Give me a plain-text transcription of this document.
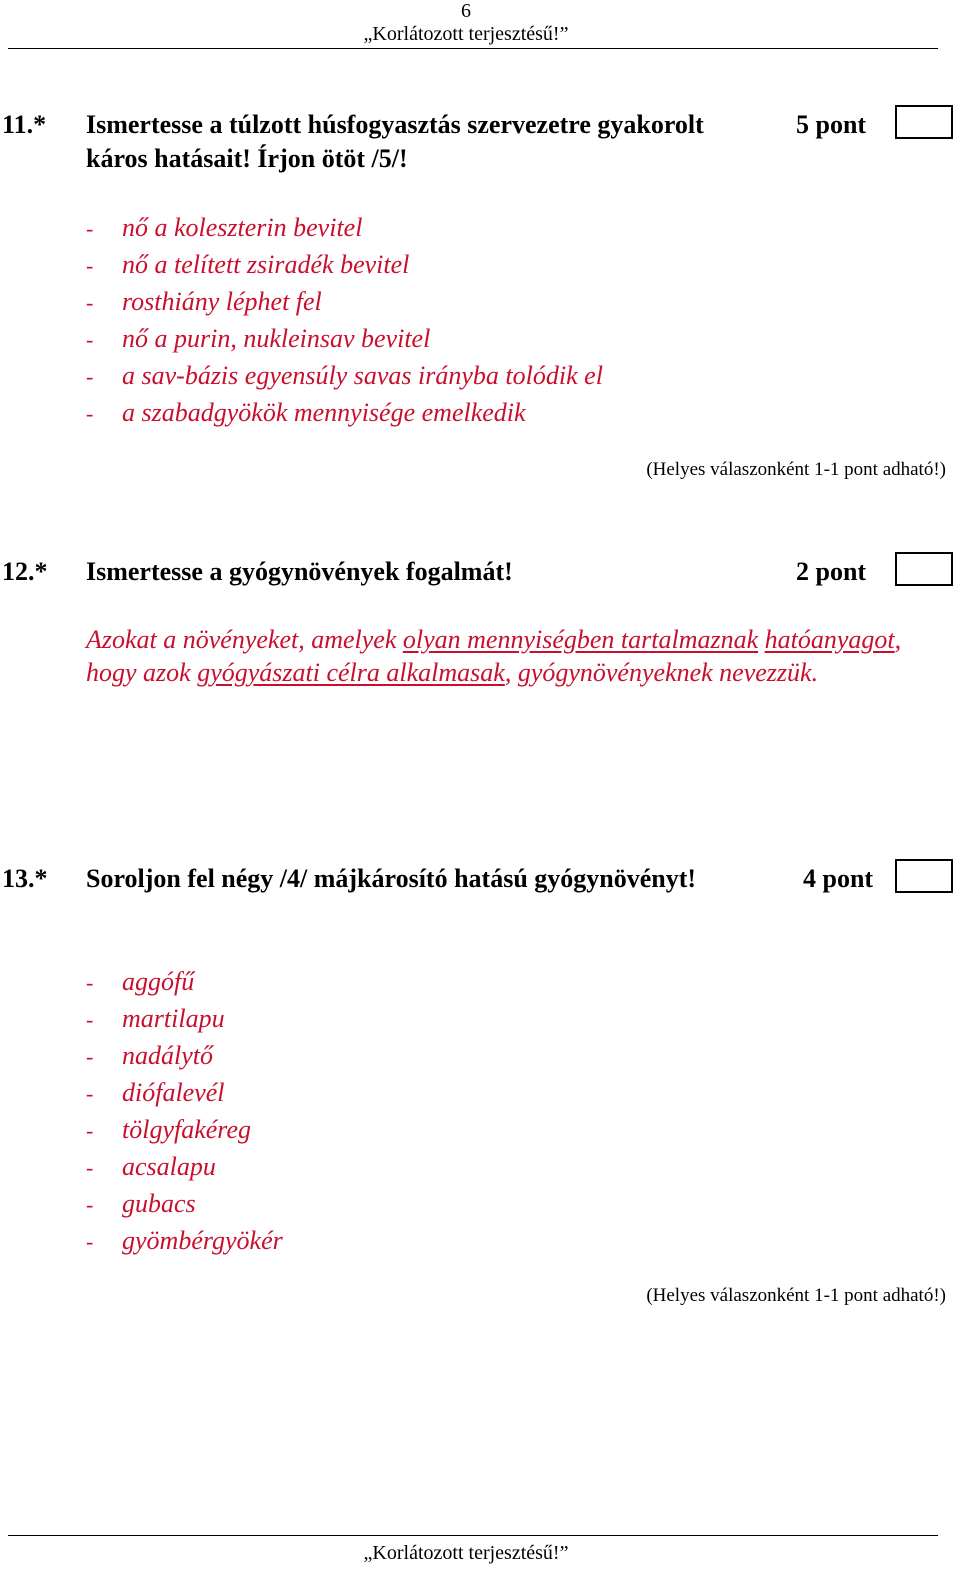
6
„Korlátozott terjesztésű!”
11.* Ismertesse a túlzott húsfogyasztás szervezetre gyakorolt
káros hatásait! Írjon ötöt /5/!
5 pont
- nő a koleszterin bevitel
- nő a telített zsiradék bevitel
- rosthiány léphet fel
- nő a purin, nukleinsav bevitel
- a sav-bázis egyensúly savas irányba tolódik el
- a szabadgyökök mennyisége emelkedik
(Helyes válaszonként 1-1 pont adható!)
12.* Ismertesse a gyógynövények fogalmát!	2 pont
Azokat a növényeket, amelyek olyan mennyiségben tartalmaznak hatóanyagot, hogy azok gyógyászati célra alkalmasak, gyógynövényeknek nevezzük.
13.* Soroljon fel négy /4/ májkárosító hatású gyógynövényt!	4 pont
- aggófű
- martilapu
- nadálytő
- diófalevél
- tölgyfakéreg
- acsalapu
- gubacs
- gyömbérgyökér
(Helyes válaszonként 1-1 pont adható!)
„Korlátozott terjesztésű!”
